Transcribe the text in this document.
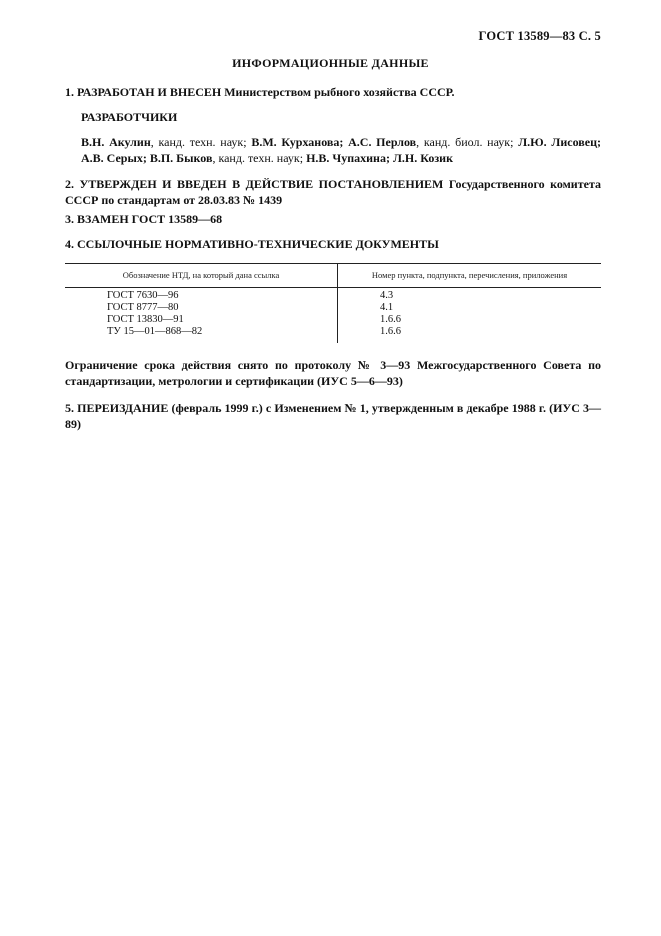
ГОСТ 13589—83 С. 5
ИНФОРМАЦИОННЫЕ ДАННЫЕ
1. РАЗРАБОТАН И ВНЕСЕН Министерством рыбного хозяйства СССР.
РАЗРАБОТЧИКИ
В.Н. Акулин, канд. техн. наук; В.М. Курханова; А.С. Перлов, канд. биол. наук; Л.Ю. Лисовец;
А.В. Серых; В.П. Быков, канд. техн. наук; Н.В. Чупахина; Л.Н. Козик
2. УТВЕРЖДЕН И ВВЕДЕН В ДЕЙСТВИЕ ПОСТАНОВЛЕНИЕМ Государственного комитета СССР по стандартам от 28.03.83 № 1439
3. ВЗАМЕН ГОСТ 13589—68
4. ССЫЛОЧНЫЕ НОРМАТИВНО-ТЕХНИЧЕСКИЕ ДОКУМЕНТЫ
Обозначение НТД, на который дана ссылка	Номер пункта, подпункта, перечисления, приложения
ГОСТ 7630—96	4.3
ГОСТ 8777—80	4.1
ГОСТ 13830—91	1.6.6
ТУ 15—01—868—82	1.6.6
Ограничение срока действия снято по протоколу № 3—93 Межгосударственного Совета по стандартизации, метрологии и сертификации (ИУС 5—6—93)
5. ПЕРЕИЗДАНИЕ (февраль 1999 г.) с Изменением № 1, утвержденным в декабре 1988 г. (ИУС 3—89)
